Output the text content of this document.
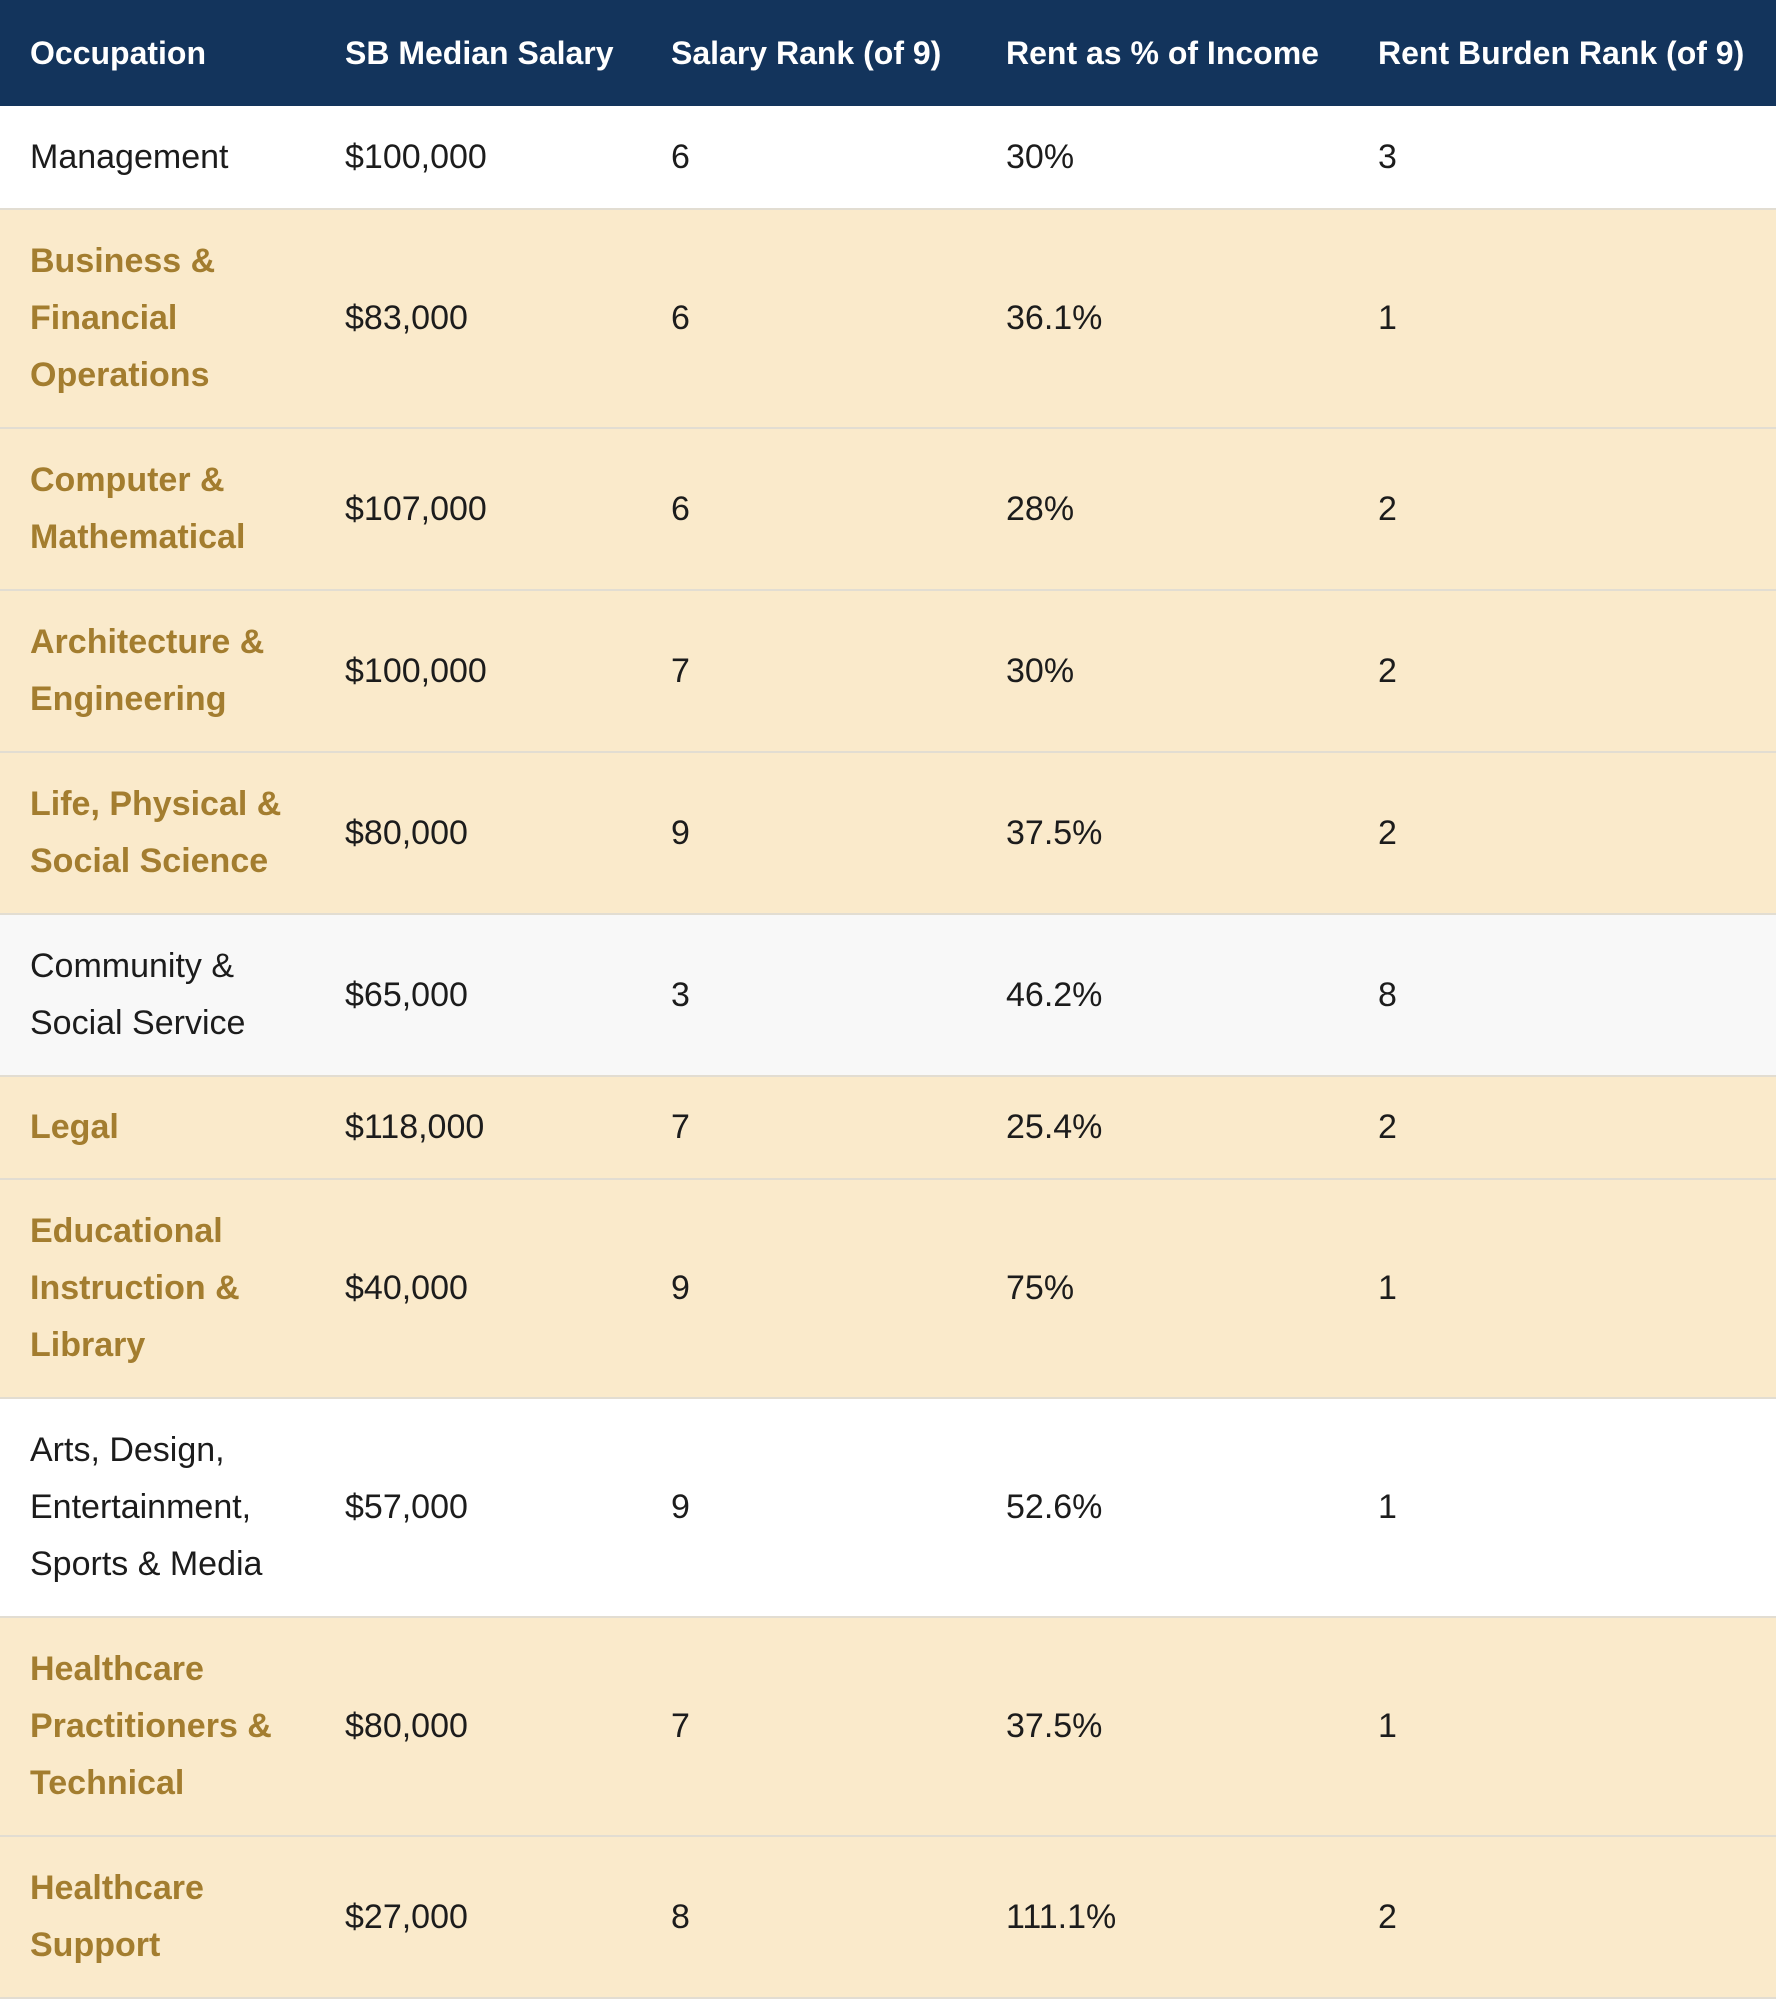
Occupation	SB Median Salary	Salary Rank (of 9)	Rent as % of Income	Rent Burden Rank (of 9)
Management	$100,000	6	30%	3
Business & Financial Operations	$83,000	6	36.1%	1
Computer & Mathematical	$107,000	6	28%	2
Architecture & Engineering	$100,000	7	30%	2
Life, Physical & Social Science	$80,000	9	37.5%	2
Community & Social Service	$65,000	3	46.2%	8
Legal	$118,000	7	25.4%	2
Educational Instruction & Library	$40,000	9	75%	1
Arts, Design, Entertainment, Sports & Media	$57,000	9	52.6%	1
Healthcare Practitioners & Technical	$80,000	7	37.5%	1
Healthcare Support	$27,000	8	111.1%	2
